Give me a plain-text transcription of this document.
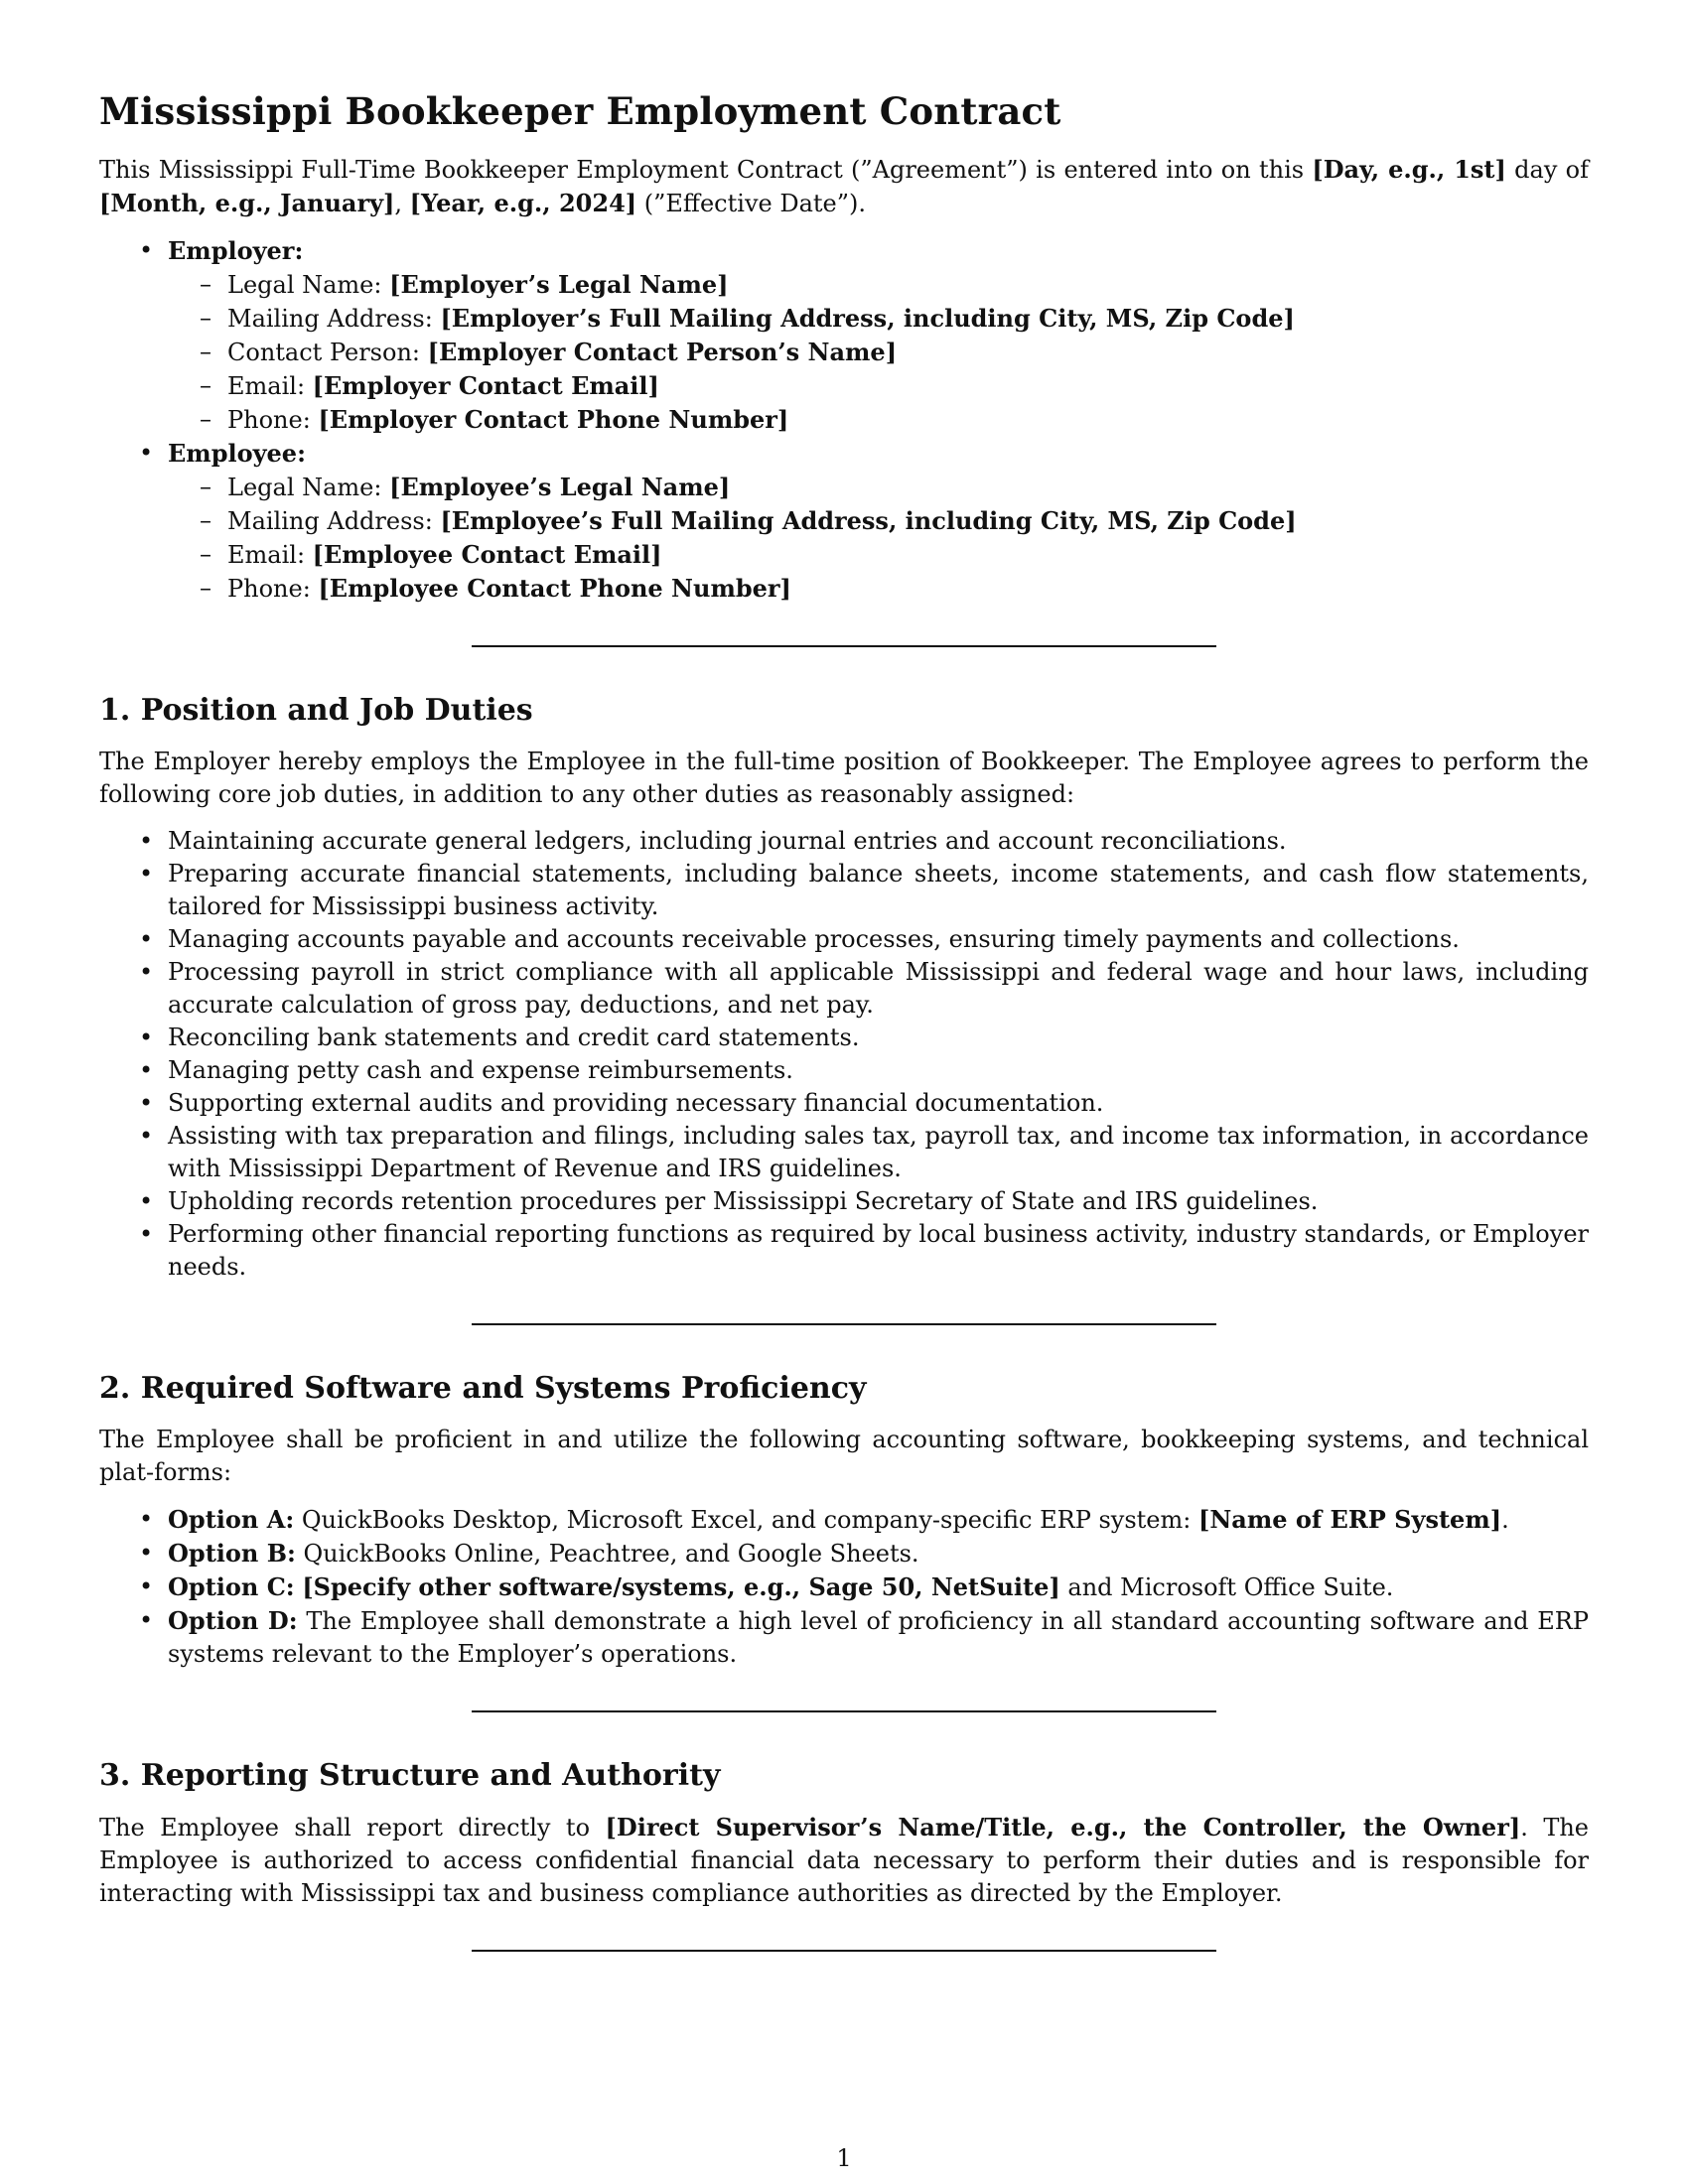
Mississippi Bookkeeper Employment Contract

This Mississippi Full-Time Bookkeeper Employment Contract (”Agreement”) is entered into on this [Day, e.g., 1st] day of [Month, e.g., January], [Year, e.g., 2024] (”Effective Date”).

• Employer:
– Legal Name: [Employer’s Legal Name]
– Mailing Address: [Employer’s Full Mailing Address, including City, MS, Zip Code]
– Contact Person: [Employer Contact Person’s Name]
– Email: [Employer Contact Email]
– Phone: [Employer Contact Phone Number]
• Employee:
– Legal Name: [Employee’s Legal Name]
– Mailing Address: [Employee’s Full Mailing Address, including City, MS, Zip Code]
– Email: [Employee Contact Email]
– Phone: [Employee Contact Phone Number]
1. Position and Job Duties

The Employer hereby employs the Employee in the full-time position of Bookkeeper. The Employee agrees to perform the following core job duties, in addition to any other duties as reasonably assigned:

• Maintaining accurate general ledgers, including journal entries and account reconciliations.
• Preparing accurate financial statements, including balance sheets, income statements, and cash flow statements, tailored for Mississippi business activity.
• Managing accounts payable and accounts receivable processes, ensuring timely payments and collections.
• Processing payroll in strict compliance with all applicable Mississippi and federal wage and hour laws, including accurate calculation of gross pay, deductions, and net pay.
• Reconciling bank statements and credit card statements.
• Managing petty cash and expense reimbursements.
• Supporting external audits and providing necessary financial documentation.
• Assisting with tax preparation and filings, including sales tax, payroll tax, and income tax information, in accordance with Mississippi Department of Revenue and IRS guidelines.
• Upholding records retention procedures per Mississippi Secretary of State and IRS guidelines.
• Performing other financial reporting functions as required by local business activity, industry standards, or Employer needs.
2. Required Software and Systems Proficiency

The Employee shall be proficient in and utilize the following accounting software, bookkeeping systems, and technical plat-forms:

• Option A: QuickBooks Desktop, Microsoft Excel, and company-specific ERP system: [Name of ERP System].
• Option B: QuickBooks Online, Peachtree, and Google Sheets.
• Option C: [Specify other software/systems, e.g., Sage 50, NetSuite] and Microsoft Office Suite.
• Option D: The Employee shall demonstrate a high level of proficiency in all standard accounting software and ERP systems relevant to the Employer’s operations.
3. Reporting Structure and Authority

The Employee shall report directly to [Direct Supervisor’s Name/Title, e.g., the Controller, the Owner]. The Employee is authorized to access confidential financial data necessary to perform their duties and is responsible for interacting with Mississippi tax and business compliance authorities as directed by the Employer.

1
